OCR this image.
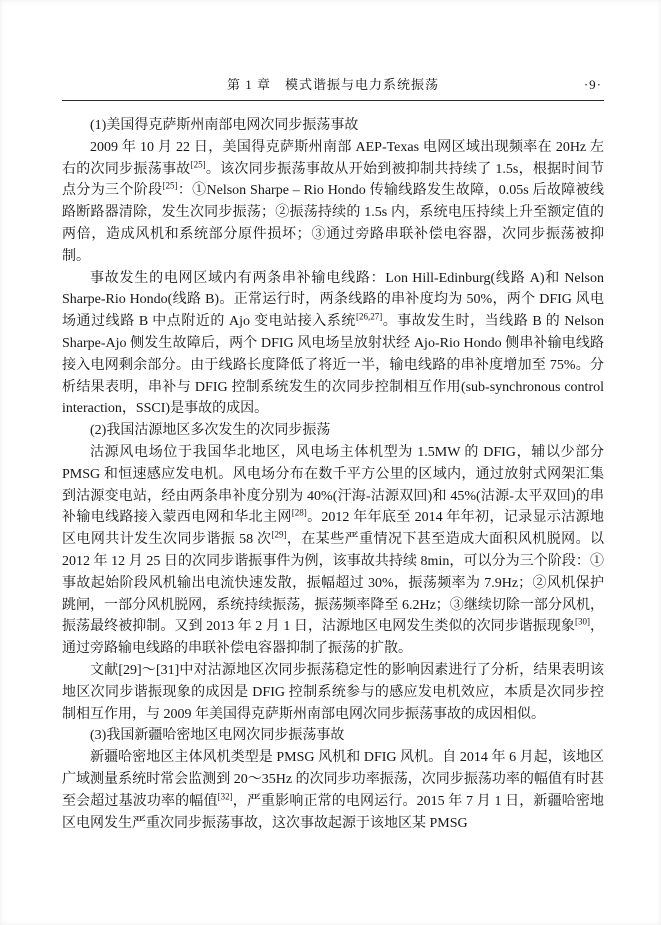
第 1 章　模式谐振与电力系统振荡	·9·

(1)美国得克萨斯州南部电网次同步振荡事故

2009 年 10 月 22 日，美国得克萨斯州南部 AEP-Texas 电网区域出现频率在 20Hz 左右的次同步振荡事故[25]。该次同步振荡事故从开始到被抑制共持续了 1.5s，根据时间节点分为三个阶段[25]：①Nelson Sharpe – Rio Hondo 传输线路发生故障，0.05s 后故障被线路断路器清除，发生次同步振荡；②振荡持续的 1.5s 内，系统电压持续上升至额定值的两倍，造成风机和系统部分原件损坏；③通过旁路串联补偿电容器，次同步振荡被抑制。

事故发生的电网区域内有两条串补输电线路：Lon Hill-Edinburg(线路 A)和 Nelson Sharpe-Rio Hondo(线路 B)。正常运行时，两条线路的串补度均为 50%，两个 DFIG 风电场通过线路 B 中点附近的 Ajo 变电站接入系统[26,27]。事故发生时，当线路 B 的 Nelson Sharpe-Ajo 侧发生故障后，两个 DFIG 风电场呈放射状经 Ajo-Rio Hondo 侧串补输电线路接入电网剩余部分。由于线路长度降低了将近一半，输电线路的串补度增加至 75%。分析结果表明，串补与 DFIG 控制系统发生的次同步控制相互作用(sub-synchronous control interaction，SSCI)是事故的成因。

(2)我国沽源地区多次发生的次同步振荡

沽源风电场位于我国华北地区，风电场主体机型为 1.5MW 的 DFIG，辅以少部分 PMSG 和恒速感应发电机。风电场分布在数千平方公里的区域内，通过放射式网架汇集到沽源变电站，经由两条串补度分别为 40%(汗海-沽源双回)和 45%(沽源-太平双回)的串补输电线路接入蒙西电网和华北主网[28]。2012 年年底至 2014 年年初，记录显示沽源地区电网共计发生次同步谐振 58 次[29]，在某些严重情况下甚至造成大面积风机脱网。以 2012 年 12 月 25 日的次同步谐振事件为例，该事故共持续 8min，可以分为三个阶段：①事故起始阶段风机输出电流快速发散，振幅超过 30%，振荡频率为 7.9Hz；②风机保护跳闸，一部分风机脱网，系统持续振荡，振荡频率降至 6.2Hz；③继续切除一部分风机，振荡最终被抑制。又到 2013 年 2 月 1 日，沽源地区电网发生类似的次同步谐振现象[30]，通过旁路输电线路的串联补偿电容器抑制了振荡的扩散。

文献[29]～[31]中对沽源地区次同步振荡稳定性的影响因素进行了分析，结果表明该地区次同步谐振现象的成因是 DFIG 控制系统参与的感应发电机效应，本质是次同步控制相互作用，与 2009 年美国得克萨斯州南部电网次同步振荡事故的成因相似。

(3)我国新疆哈密地区电网次同步振荡事故

新疆哈密地区主体风机类型是 PMSG 风机和 DFIG 风机。自 2014 年 6 月起，该地区广域测量系统时常会监测到 20～35Hz 的次同步功率振荡，次同步振荡功率的幅值有时甚至会超过基波功率的幅值[32]，严重影响正常的电网运行。2015 年 7 月 1 日，新疆哈密地区电网发生严重次同步振荡事故，这次事故起源于该地区某 PMSG
